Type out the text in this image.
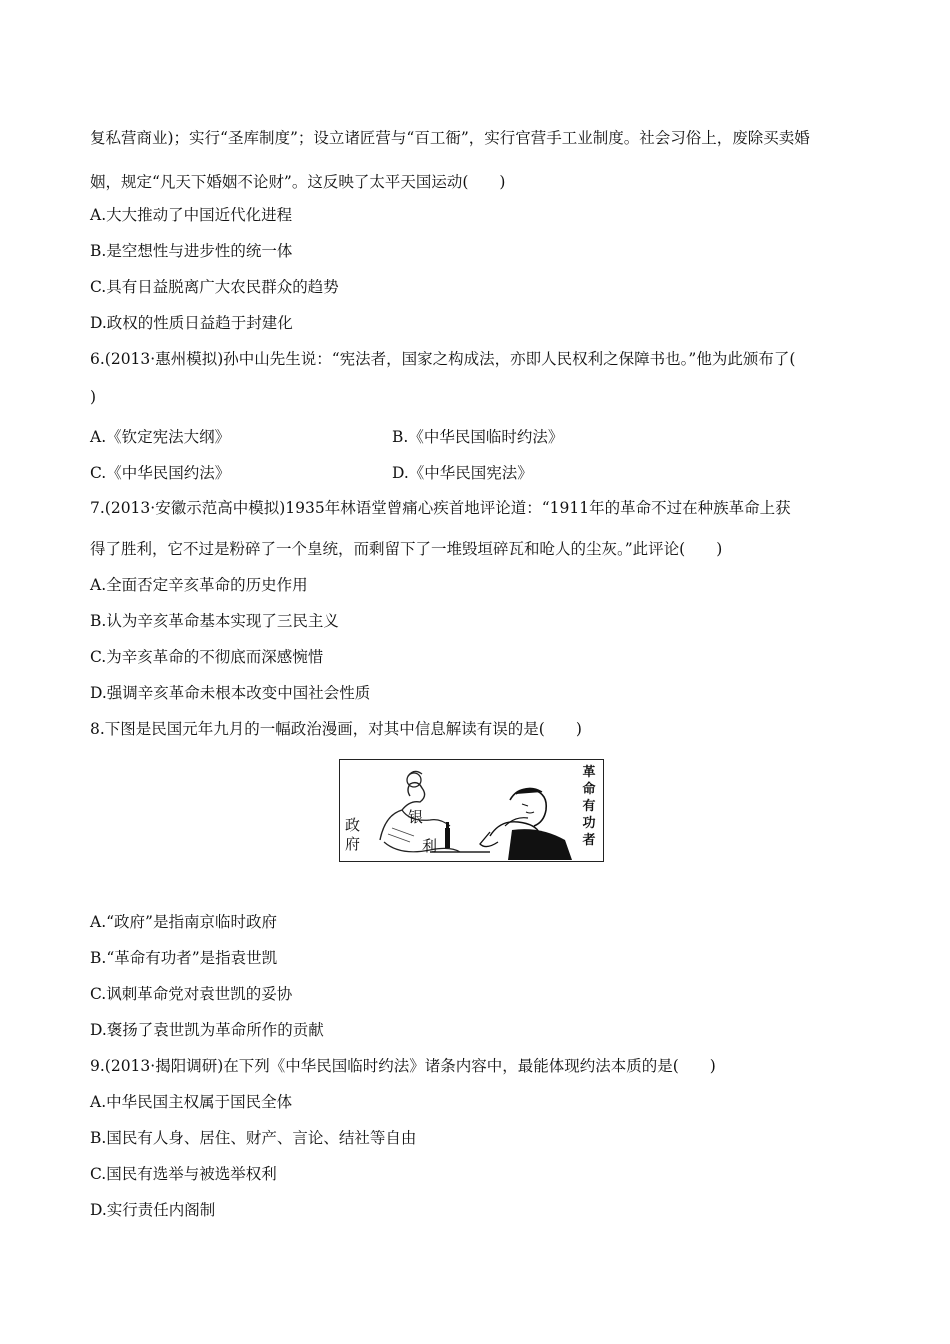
复私营商业)；实行“圣库制度”；设立诸匠营与“百工衙”，实行官营手工业制度。社会习俗上，废除买卖婚
姻，规定“凡天下婚姻不论财”。这反映了太平天国运动(　　)
A.大大推动了中国近代化进程
B.是空想性与进步性的统一体
C.具有日益脱离广大农民群众的趋势
D.政权的性质日益趋于封建化
6.(2013·惠州模拟)孙中山先生说：“宪法者，国家之构成法，亦即人民权利之保障书也。”他为此颁布了(
)
A.《钦定宪法大纲》	B.《中华民国临时约法》
C.《中华民国约法》	D.《中华民国宪法》
7.(2013·安徽示范高中模拟)1935年林语堂曾痛心疾首地评论道：“1911年的革命不过在种族革命上获
得了胜利，它不过是粉碎了一个皇统，而剩留下了一堆毁垣碎瓦和呛人的尘灰。”此评论(　　)
A.全面否定辛亥革命的历史作用
B.认为辛亥革命基本实现了三民主义
C.为辛亥革命的不彻底而深感惋惜
D.强调辛亥革命未根本改变中国社会性质
8.下图是民国元年九月的一幅政治漫画，对其中信息解读有误的是(　　)
政
府
银
利
革命有功者
A.“政府”是指南京临时政府
B.“革命有功者”是指袁世凯
C.讽刺革命党对袁世凯的妥协
D.褒扬了袁世凯为革命所作的贡献
9.(2013·揭阳调研)在下列《中华民国临时约法》诸条内容中，最能体现约法本质的是(　　)
A.中华民国主权属于国民全体
B.国民有人身、居住、财产、言论、结社等自由
C.国民有选举与被选举权利
D.实行责任内阁制
